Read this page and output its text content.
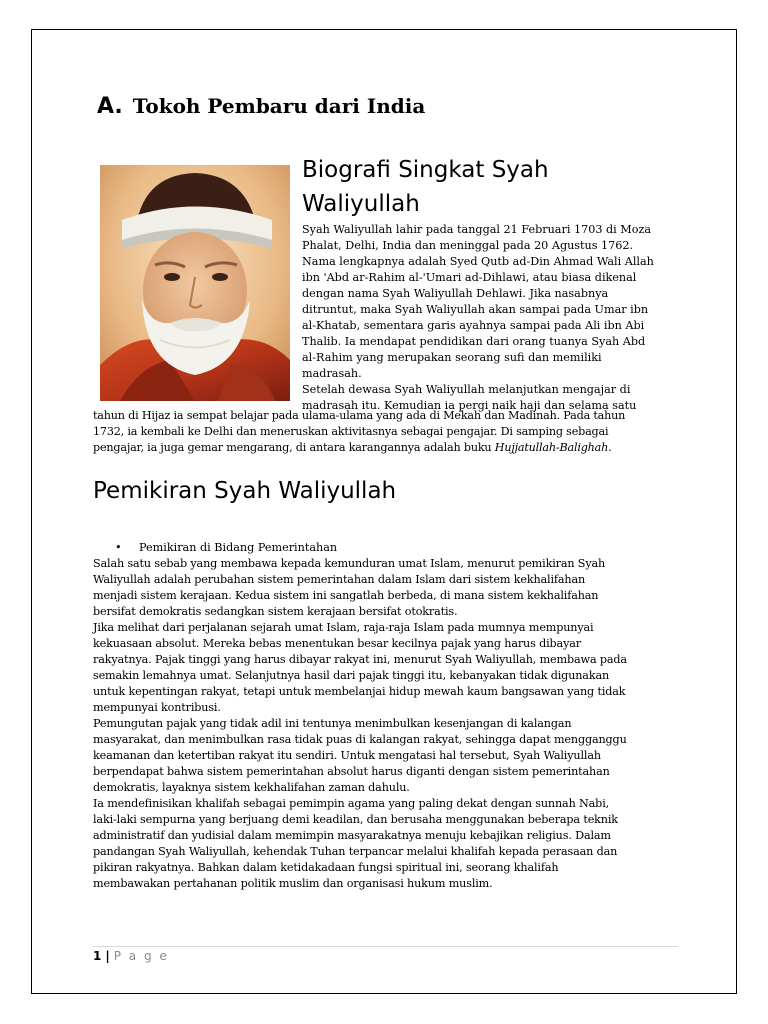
A. Tokoh Pembaru dari India
Biografi Singkat Syah Waliyullah

Syah Waliyullah lahir pada tanggal 21 Februari 1703 di Moza
Phalat, Delhi, India dan meninggal pada 20 Agustus 1762.
Nama lengkapnya adalah Syed Qutb ad-Din Ahmad Wali Allah
ibn 'Abd ar-Rahim al-'Umari ad-Dihlawi, atau biasa dikenal
dengan nama Syah Waliyullah Dehlawi. Jika nasabnya
ditruntut, maka Syah Waliyullah akan sampai pada Umar ibn
al-Khatab, sementara garis ayahnya sampai pada Ali ibn Abi
Thalib. Ia mendapat pendidikan dari orang tuanya Syah Abd
al-Rahim yang merupakan seorang sufi dan memiliki
madrasah.
Setelah dewasa Syah Waliyullah melanjutkan mengajar di
madrasah itu. Kemudian ia pergi naik haji dan selama satu

tahun di Hijaz ia sempat belajar pada ulama-ulama yang ada di Mekah dan Madinah. Pada tahun
1732, ia kembali ke Delhi dan meneruskan aktivitasnya sebagai pengajar. Di samping sebagai
pengajar, ia juga gemar mengarang, di antara karangannya adalah buku Hujjatullah-Balighah.

Pemikiran Syah Waliyullah

• Pemikiran di Bidang Pemerintahan

Salah satu sebab yang membawa kepada kemunduran umat Islam, menurut pemikiran Syah
Waliyullah adalah perubahan sistem pemerintahan dalam Islam dari sistem kekhalifahan
menjadi sistem kerajaan. Kedua sistem ini sangatlah berbeda, di mana sistem kekhalifahan
bersifat demokratis sedangkan sistem kerajaan bersifat otokratis.
Jika melihat dari perjalanan sejarah umat Islam, raja-raja Islam pada mumnya mempunyai
kekuasaan absolut. Mereka bebas menentukan besar kecilnya pajak yang harus dibayar
rakyatnya. Pajak tinggi yang harus dibayar rakyat ini, menurut Syah Waliyullah, membawa pada
semakin lemahnya umat. Selanjutnya hasil dari pajak tinggi itu, kebanyakan tidak digunakan
untuk kepentingan rakyat, tetapi untuk membelanjai hidup mewah kaum bangsawan yang tidak
mempunyai kontribusi.
Pemungutan pajak yang tidak adil ini tentunya menimbulkan kesenjangan di kalangan
masyarakat, dan menimbulkan rasa tidak puas di kalangan rakyat, sehingga dapat mengganggu
keamanan dan ketertiban rakyat itu sendiri. Untuk mengatasi hal tersebut, Syah Waliyullah
berpendapat bahwa sistem pemerintahan absolut harus diganti dengan sistem pemerintahan
demokratis, layaknya sistem kekhalifahan zaman dahulu.
Ia mendefinisikan khalifah sebagai pemimpin agama yang paling dekat dengan sunnah Nabi,
laki-laki sempurna yang berjuang demi keadilan, dan berusaha menggunakan beberapa teknik
administratif dan yudisial dalam memimpin masyarakatnya menuju kebajikan religius. Dalam
pandangan Syah Waliyullah, kehendak Tuhan terpancar melalui khalifah kepada perasaan dan
pikiran rakyatnya. Bahkan dalam ketidakadaan fungsi spiritual ini, seorang khalifah
membawakan pertahanan politik muslim dan organisasi hukum muslim.

1 | P a g e
